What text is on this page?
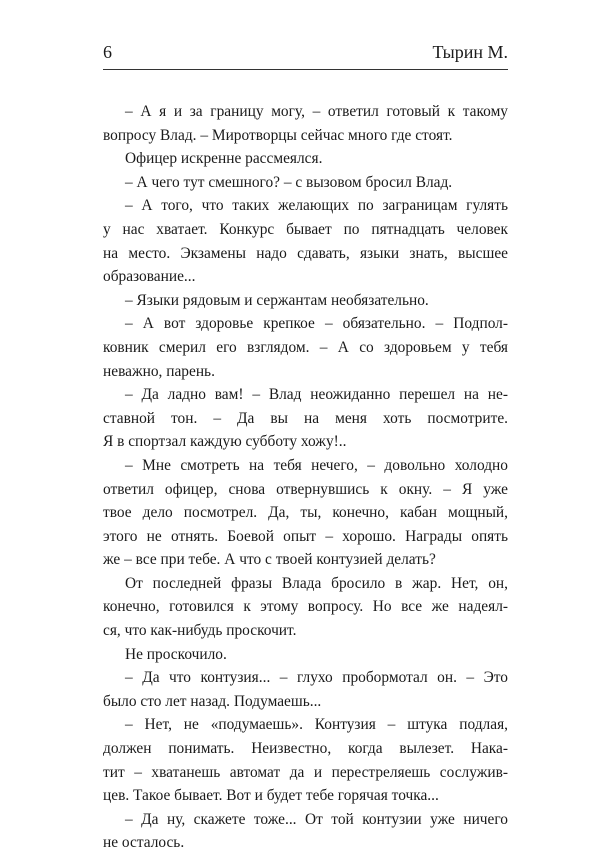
6	Тырин М.
– А я и за границу могу, – ответил готовый к такому
вопросу Влад. – Миротворцы сейчас много где стоят.
Офицер искренне рассмеялся.
– А чего тут смешного? – с вызовом бросил Влад.
– А того, что таких желающих по заграницам гулять
у нас хватает. Конкурс бывает по пятнадцать человек
на место. Экзамены надо сдавать, языки знать, высшее
образование...
– Языки рядовым и сержантам необязательно.
– А вот здоровье крепкое – обязательно. – Подпол-
ковник смерил его взглядом. – А со здоровьем у тебя
неважно, парень.
– Да ладно вам! – Влад неожиданно перешел на не-
ставной тон. – Да вы на меня хоть посмотрите.
Я в спортзал каждую субботу хожу!..
– Мне смотреть на тебя нечего, – довольно холодно
ответил офицер, снова отвернувшись к окну. – Я уже
твое дело посмотрел. Да, ты, конечно, кабан мощный,
этого не отнять. Боевой опыт – хорошо. Награды опять
же – все при тебе. А что с твоей контузией делать?
От последней фразы Влада бросило в жар. Нет, он,
конечно, готовился к этому вопросу. Но все же надеял-
ся, что как-нибудь проскочит.
Не проскочило.
– Да что контузия... – глухо пробормотал он. – Это
было сто лет назад. Подумаешь...
– Нет, не «подумаешь». Контузия – штука подлая,
должен понимать. Неизвестно, когда вылезет. Нака-
тит – хватанешь автомат да и перестреляешь сослужив-
цев. Такое бывает. Вот и будет тебе горячая точка...
– Да ну, скажете тоже... От той контузии уже ничего
не осталось.
